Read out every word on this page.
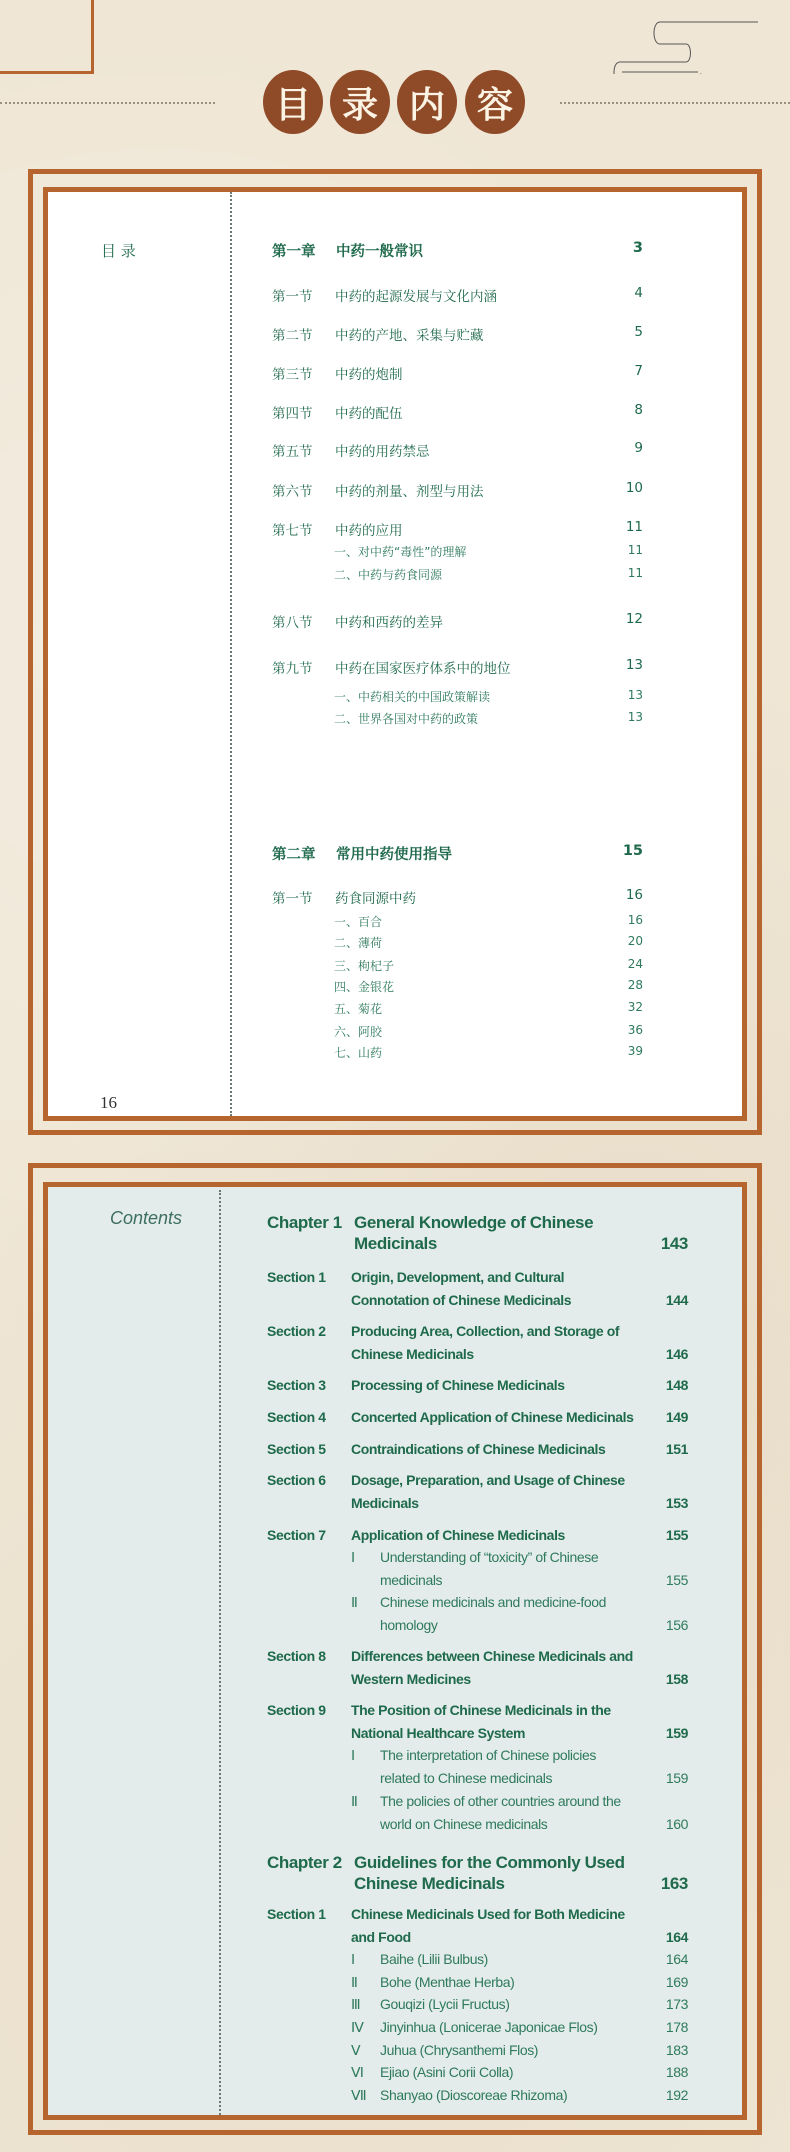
目 录 内 容
目 录
16
Contents
第一章 中药一般常识	3
第一节 中药的起源发展与文化内涵	4
第二节 中药的产地、采集与贮藏	5
第三节 中药的炮制	7
第四节 中药的配伍	8
第五节 中药的用药禁忌	9
第六节 中药的剂量、剂型与用法	10
第七节 中药的应用	11
一、对中药“毒性”的理解	11
二、中药与药食同源	11
第八节 中药和西药的差异	12
第九节 中药在国家医疗体系中的地位	13
一、中药相关的中国政策解读	13
二、世界各国对中药的政策	13
第二章 常用中药使用指导	15
第一节 药食同源中药	16
一、百合	16
二、薄荷	20
三、枸杞子	24
四、金银花	28
五、菊花	32
六、阿胶	36
七、山药	39
Chapter 1 General Knowledge of Chinese
Medicinals	143
Section 1 Origin, Development, and Cultural
Connotation of Chinese Medicinals	144
Section 2 Producing Area, Collection, and Storage of
Chinese Medicinals	146
Section 3 Processing of Chinese Medicinals	148
Section 4 Concerted Application of Chinese Medicinals	149
Section 5 Contraindications of Chinese Medicinals	151
Section 6 Dosage, Preparation, and Usage of Chinese
Medicinals	153
Section 7 Application of Chinese Medicinals	155
Ⅰ Understanding of “toxicity” of Chinese
medicinals	155
Ⅱ Chinese medicinals and medicine-food
homology	156
Section 8 Differences between Chinese Medicinals and
Western Medicines	158
Section 9 The Position of Chinese Medicinals in the
National Healthcare System	159
Ⅰ The interpretation of Chinese policies
related to Chinese medicinals	159
Ⅱ The policies of other countries around the
world on Chinese medicinals	160
Chapter 2 Guidelines for the Commonly Used
Chinese Medicinals	163
Section 1 Chinese Medicinals Used for Both Medicine
and Food	164
Ⅰ Baihe (Lilii Bulbus)	164
Ⅱ Bohe (Menthae Herba)	169
Ⅲ Gouqizi (Lycii Fructus)	173
Ⅳ Jinyinhua (Lonicerae Japonicae Flos)	178
Ⅴ Juhua (Chrysanthemi Flos)	183
Ⅵ Ejiao (Asini Corii Colla)	188
Ⅶ Shanyao (Dioscoreae Rhizoma)	192
